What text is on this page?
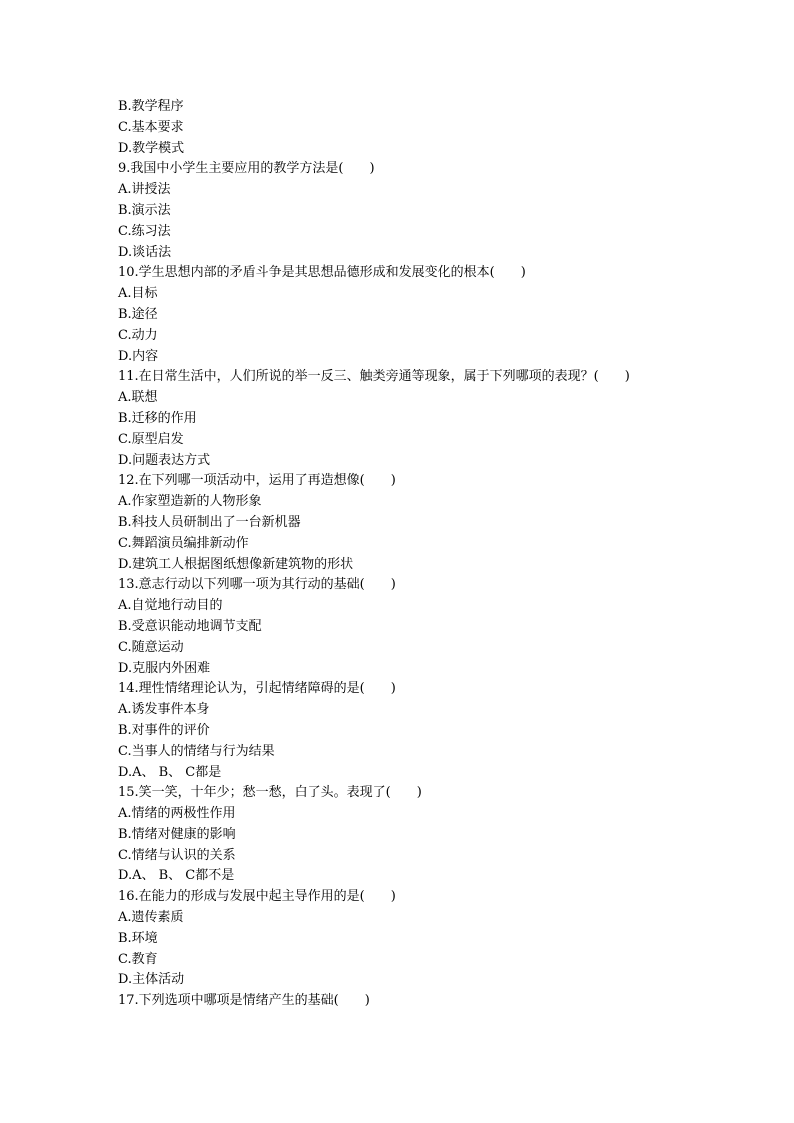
B.教学程序
C.基本要求
D.教学模式
9.我国中小学生主要应用的教学方法是(　　)
A.讲授法
B.演示法
C.练习法
D.谈话法
10.学生思想内部的矛盾斗争是其思想品德形成和发展变化的根本(　　)
A.目标
B.途径
C.动力
D.内容
11.在日常生活中，人们所说的举一反三、触类旁通等现象，属于下列哪项的表现？(　　)
A.联想
B.迁移的作用
C.原型启发
D.问题表达方式
12.在下列哪一项活动中，运用了再造想像(　　)
A.作家塑造新的人物形象
B.科技人员研制出了一台新机器
C.舞蹈演员编排新动作
D.建筑工人根据图纸想像新建筑物的形状
13.意志行动以下列哪一项为其行动的基础(　　)
A.自觉地行动目的
B.受意识能动地调节支配
C.随意运动
D.克服内外困难
14.理性情绪理论认为，引起情绪障碍的是(　　)
A.诱发事件本身
B.对事件的评价
C.当事人的情绪与行为结果
D.A、 B、 C都是
15.笑一笑，十年少；愁一愁，白了头。表现了(　　)
A.情绪的两极性作用
B.情绪对健康的影响
C.情绪与认识的关系
D.A、 B、 C都不是
16.在能力的形成与发展中起主导作用的是(　　)
A.遗传素质
B.环境
C.教育
D.主体活动
17.下列选项中哪项是情绪产生的基础(　　)
